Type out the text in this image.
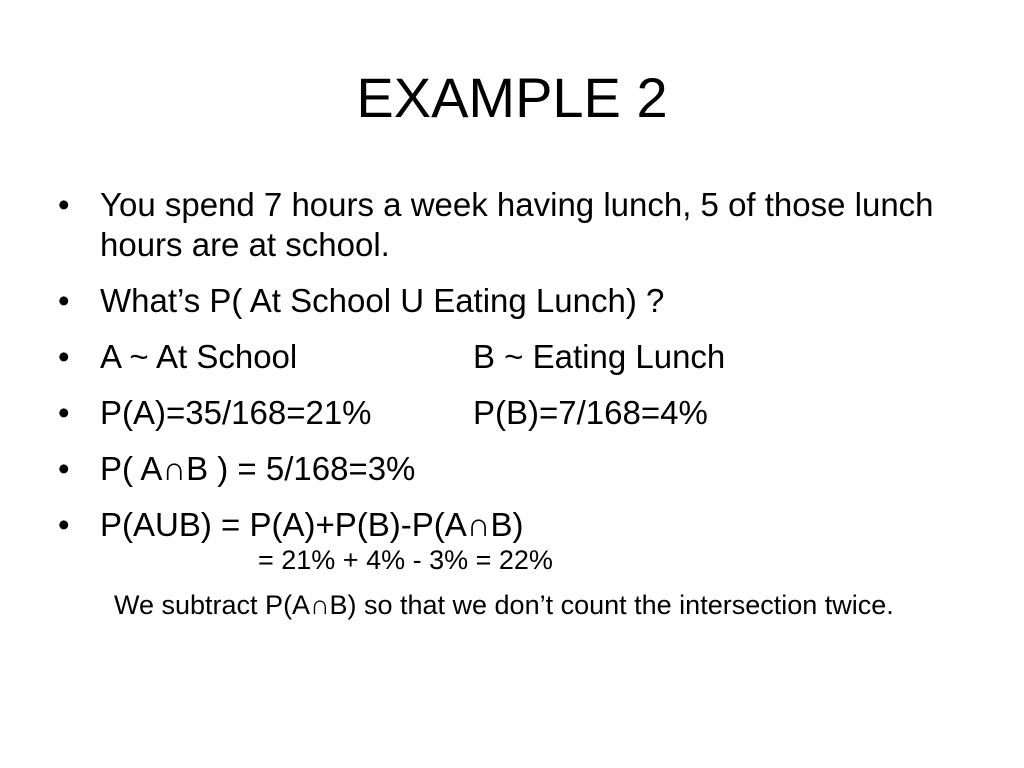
EXAMPLE 2
• You spend 7 hours a week having lunch, 5 of those lunch hours are at school.
• What’s P( At School U Eating Lunch) ?
• A ~ At School	B ~ Eating Lunch
• P(A)=35/168=21%	P(B)=7/168=4%
• P( A∩B ) = 5/168=3%
• P(AUB) = P(A)+P(B)-P(A∩B)
= 21% + 4% - 3% = 22%
We subtract P(A∩B) so that we don’t count the intersection twice.
